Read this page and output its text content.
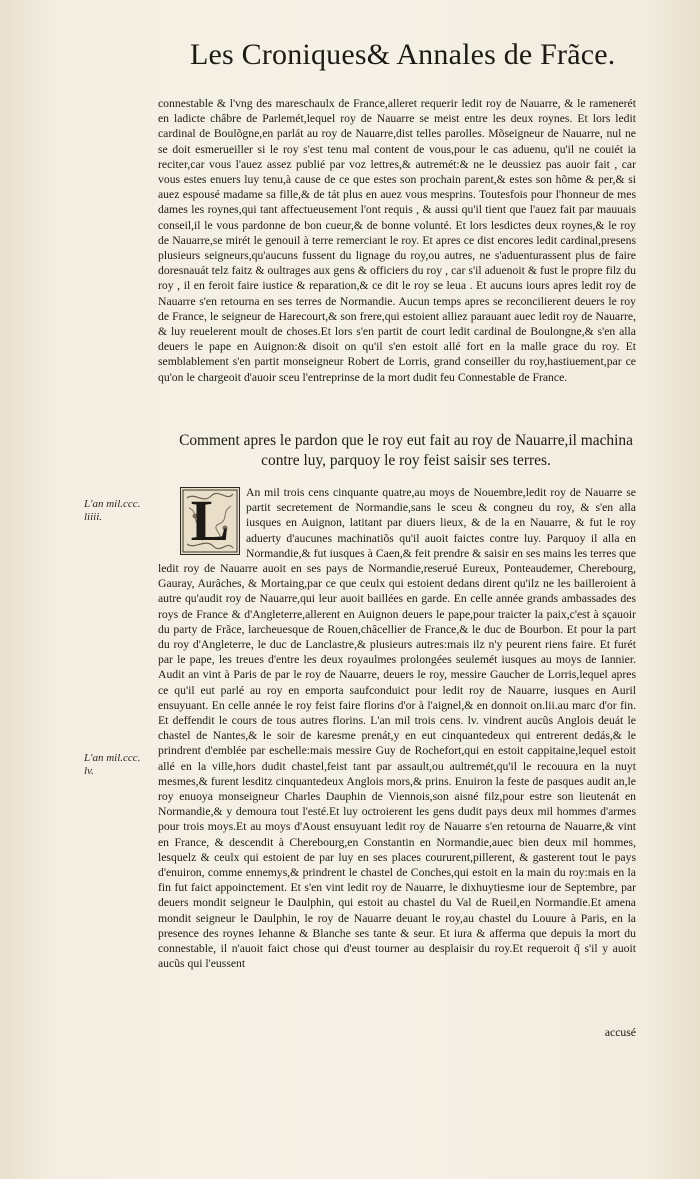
Les Croniques& Annales de Frãce.

connestable & l'vng des mareschaulx de France,alleret requerir ledit roy de Nauarre, & le ramenerét en ladicte châbre de Parlemét,lequel roy de Nauarre se meist entre les deux roynes. Et lors ledit cardinal de Boulõgne,en parlát au roy de Nauarre,dist telles parolles. Mõseigneur de Nauarre, nul ne se doit esmerueiller si le roy s'est tenu mal content de vous,pour le cas aduenu, qu'il ne couiét ia reciter,car vous l'auez assez publié par voz lettres,& autremét:& ne le deussiez pas auoir fait , car vous estes enuers luy tenu,à cause de ce que estes son prochain parent,& estes son hõme & per,& si auez espousé madame sa fille,& de tát plus en auez vous mesprins. Toutesfois pour l'honneur de mes dames les roynes,qui tant affectueusement l'ont requis , & aussi qu'il tient que l'auez fait par mauuais conseil,il le vous pardonne de bon cueur,& de bonne volunté. Et lors lesdictes deux roynes,& le roy de Nauarre,se mirét le genouil à terre remerciant le roy. Et apres ce dist encores ledit cardinal,presens plusieurs seigneurs,qu'aucuns fussent du lignage du roy,ou autres, ne s'aduenturassent plus de faire doresnauát telz faitz & oultrages aux gens & officiers du roy , car s'il aduenoit & fust le propre filz du roy , il en feroit faire iustice & reparation,& ce dit le roy se leua . Et aucuns iours apres ledit roy de Nauarre s'en retourna en ses terres de Normandie. Aucun temps apres se reconcilierent deuers le roy de France, le seigneur de Harecourt,& son frere,qui estoient alliez parauant auec ledit roy de Nauarre, & luy reuelerent moult de choses.Et lors s'en partit de court ledit cardinal de Boulongne,& s'en alla deuers le pape en Auignon:& disoit on qu'il s'en estoit allé fort en la malle grace du roy. Et semblablement s'en partit monseigneur Robert de Lorris, grand conseiller du roy,hastiuement,par ce qu'on le chargeoit d'auoir sceu l'entreprinse de la mort dudit feu Connestable de France.

Comment apres le pardon que le roy eut fait au roy de Nauarre,il machina contre luy, parquoy le roy feist saisir ses terres.
L	An mil trois cens cinquante quatre,au moys de Nouembre,ledit roy de Nauarre se partit secretement de Normandie,sans le sceu & congneu du roy, & s'en alla iusques en Auignon, latitant par diuers lieux, & de la en Nauarre, & fut le roy aduerty d'aucunes machinatiõs qu'il auoit faictes contre luy. Parquoy il alla en Normandie,& fut iusques à Caen,& feit prendre & saisir en ses mains les terres que ledit roy de Nauarre auoit en ses pays de Normandie,reserué Eureux, Ponteaudemer, Cherebourg, Gauray, Aurâches, & Mortaing,par ce que ceulx qui estoient dedans dirent qu'ilz ne les bailleroient à autre qu'audit roy de Nauarre,qui leur auoit baillées en garde. En celle année grands ambassades des roys de France & d'Angleterre,allerent en Auignon deuers le pape,pour traicter la paix,c'est à sçauoir du party de Frãce, larcheuesque de Rouen,châcellier de France,& le duc de Bourbon. Et pour la part du roy d'Angleterre, le duc de Lanclastre,& plusieurs autres:mais ilz n'y peurent riens faire. Et furét par le pape, les treues d'entre les deux royaulmes prolongées seulemét iusques au moys de Iannier. Audit an vint à Paris de par le roy de Nauarre, deuers le roy, messire Gaucher de Lorris,lequel apres ce qu'il eut parlé au roy en emporta saufconduict pour ledit roy de Nauarre, iusques en Auril ensuyuant. En celle année le roy feist faire florins d'or à l'aignel,& en donnoit on.lii.au marc d'or fin. Et deffendit le cours de tous autres florins. L'an mil trois cens. lv. vindrent aucũs Anglois deuát le chastel de Nantes,& le soir de karesme prenát,y en eut cinquantedeux qui entrerent dedás,& le prindrent d'emblée par eschelle:mais messire Guy de Rochefort,qui en estoit cappitaine,lequel estoit allé en la ville,hors dudit chastel,feist tant par assault,ou aultremét,qu'il le recouura en la nuyt mesmes,& furent lesditz cinquantedeux Anglois mors,& prins. Enuiron la feste de pasques audit an,le roy enuoya monseigneur Charles Dauphin de Viennois,son aisné filz,pour estre son lieutenát en Normandie,& y demoura tout l'esté.Et luy octroierent les gens dudit pays deux mil hommes d'armes pour trois moys.Et au moys d'Aoust ensuyuant ledit roy de Nauarre s'en retourna de Nauarre,& vint en France, & descendit à Cherebourg,en Constantin en Normandie,auec bien deux mil hommes, lesquelz & ceulx qui estoient de par luy en ses places coururent,pillerent, & gasterent tout le pays d'enuiron, comme ennemys,& prindrent le chastel de Conches,qui estoit en la main du roy:mais en la fin fut faict appoinctement. Et s'en vint ledit roy de Nauarre, le dixhuytiesme iour de Septembre, par deuers mondit seigneur le Daulphin, qui estoit au chastel du Val de Rueil,en Normandie.Et amena mondit seigneur le Daulphin, le roy de Nauarre deuant le roy,au chastel du Louure à Paris, en la presence des roynes Iehanne & Blanche ses tante & seur. Et iura & afferma que depuis la mort du connestable, il n'auoit faict chose qui d'eust tourner au desplaisir du roy.Et requeroit q̃ s'il y auoit aucũs qui l'eussent

L'an mil.ccc. liiii.
L'an mil.ccc. lv.
accusé
